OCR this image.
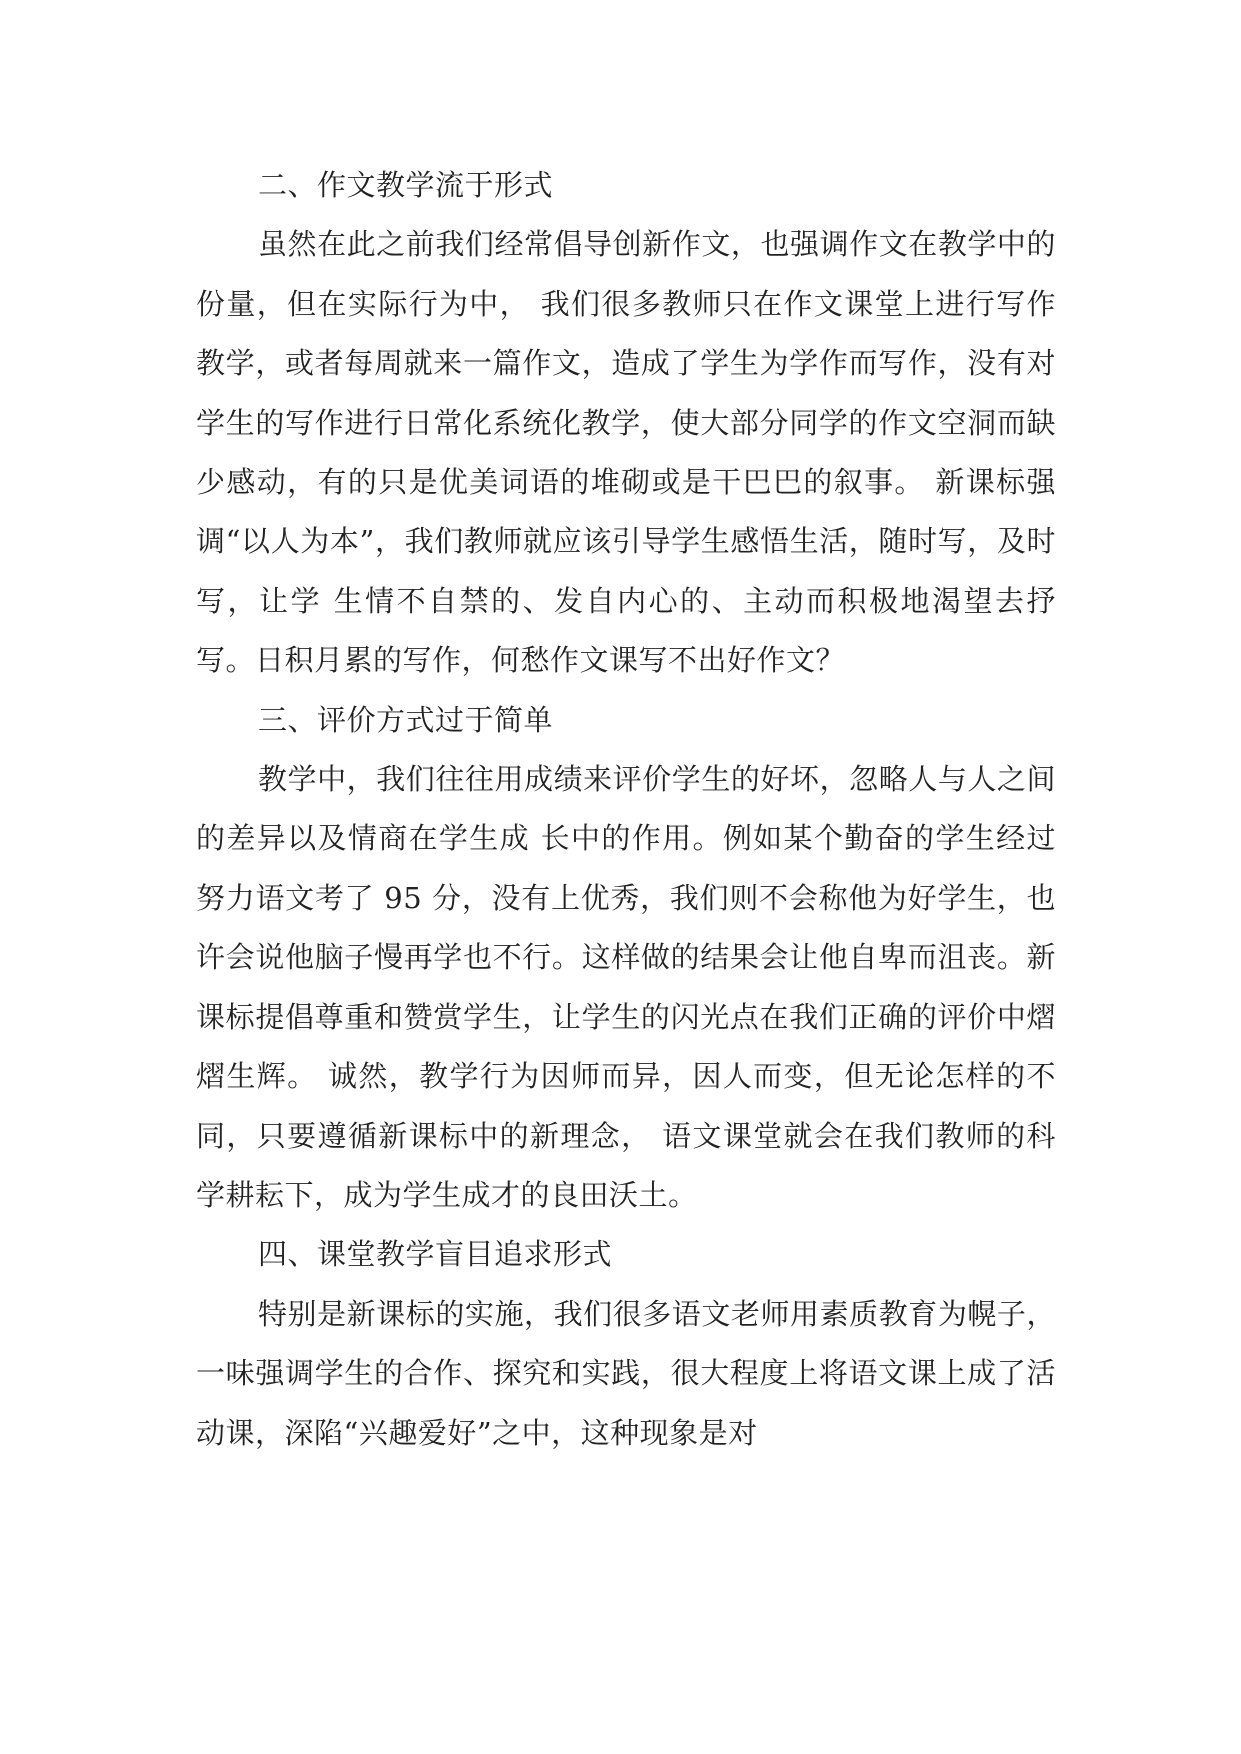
二、作文教学流于形式

虽然在此之前我们经常倡导创新作文，也强调作文在教学中的份量，但在实际行为中， 我们很多教师只在作文课堂上进行写作教学，或者每周就来一篇作文，造成了学生为学作而写作，没有对学生的写作进行日常化系统化教学，使大部分同学的作文空洞而缺少感动，有的只是优美词语的堆砌或是干巴巴的叙事。 新课标强调“以人为本”，我们教师就应该引导学生感悟生活，随时写，及时写，让学 生情不自禁的、发自内心的、主动而积极地渴望去抒写。日积月累的写作，何愁作文课写不出好作文？

三、评价方式过于简单

教学中，我们往往用成绩来评价学生的好坏，忽略人与人之间的差异以及情商在学生成 长中的作用。例如某个勤奋的学生经过努力语文考了 95 分，没有上优秀，我们则不会称他为好学生，也许会说他脑子慢再学也不行。这样做的结果会让他自卑而沮丧。新课标提倡尊重和赞赏学生，让学生的闪光点在我们正确的评价中熠熠生辉。 诚然，教学行为因师而异，因人而变，但无论怎样的不同，只要遵循新课标中的新理念， 语文课堂就会在我们教师的科学耕耘下，成为学生成才的良田沃土。

四、课堂教学盲目追求形式

特别是新课标的实施，我们很多语文老师用素质教育为幌子，一味强调学生的合作、探究和实践，很大程度上将语文课上成了活动课，深陷“兴趣爱好”之中，这种现象是对
